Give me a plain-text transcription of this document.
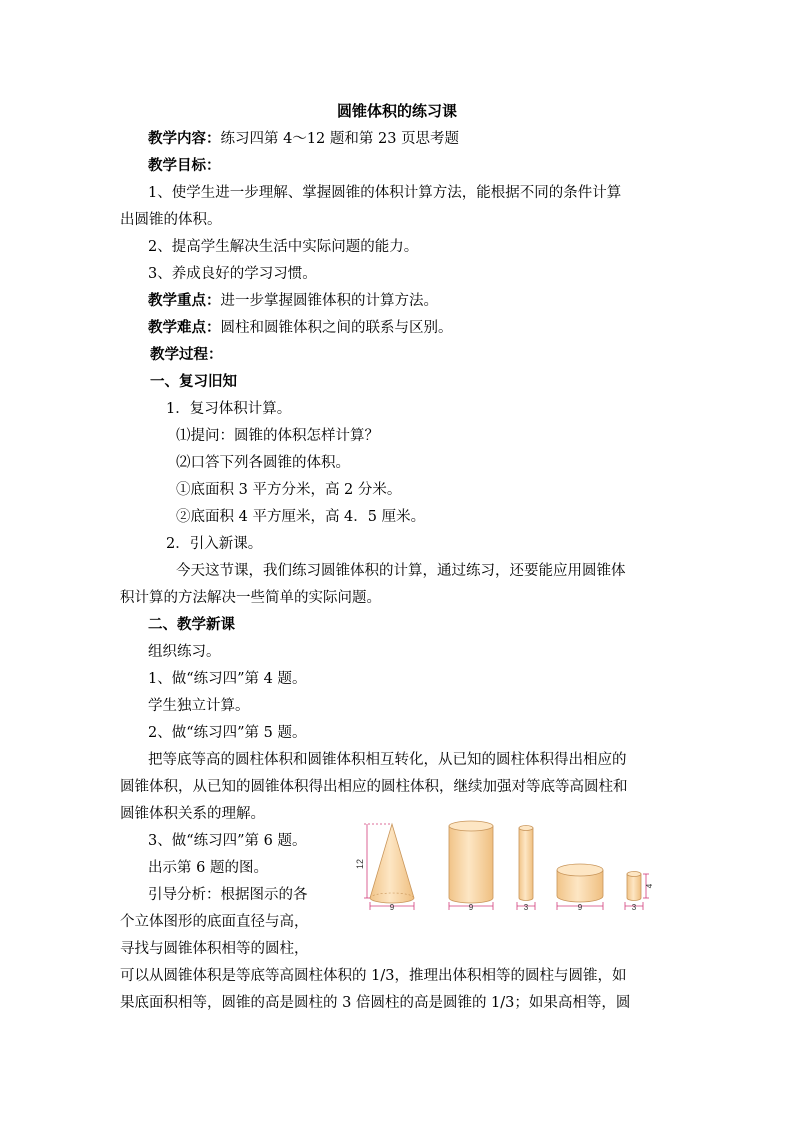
圆锥体积的练习课
教学内容：练习四第 4～12 题和第 23 页思考题
教学目标：
1、使学生进一步理解、掌握圆锥的体积计算方法，能根据不同的条件计算
出圆锥的体积。
2、提高学生解决生活中实际问题的能力。
3、养成良好的学习习惯。
教学重点：进一步掌握圆锥体积的计算方法。
教学难点：圆柱和圆锥体积之间的联系与区别。
教学过程：
一、复习旧知
1．复习体积计算。
⑴提问：圆锥的体积怎样计算？
⑵口答下列各圆锥的体积。
①底面积 3 平方分米，高 2 分米。
②底面积 4 平方厘米，高 4．5 厘米。
2．引入新课。
今天这节课，我们练习圆锥体积的计算，通过练习，还要能应用圆锥体
积计算的方法解决一些简单的实际问题。
二、教学新课
组织练习。
1、做“练习四”第 4 题。
学生独立计算。
2、做“练习四”第 5 题。
把等底等高的圆柱体积和圆锥体积相互转化，从已知的圆柱体积得出相应的
圆锥体积，从已知的圆锥体积得出相应的圆柱体积，继续加强对等底等高圆柱和
圆锥体积关系的理解。
3、做“练习四”第 6 题。
出示第 6 题的图。
引导分析：根据图示的各
个立体图形的底面直径与高，
寻找与圆锥体积相等的圆柱，
可以从圆锥体积是等底等高圆柱体积的 1/3，推理出体积相等的圆柱与圆锥，如
果底面积相等，圆锥的高是圆柱的 3 倍圆柱的高是圆锥的 1/3；如果高相等，圆
12
9	9	3	9
4
3
